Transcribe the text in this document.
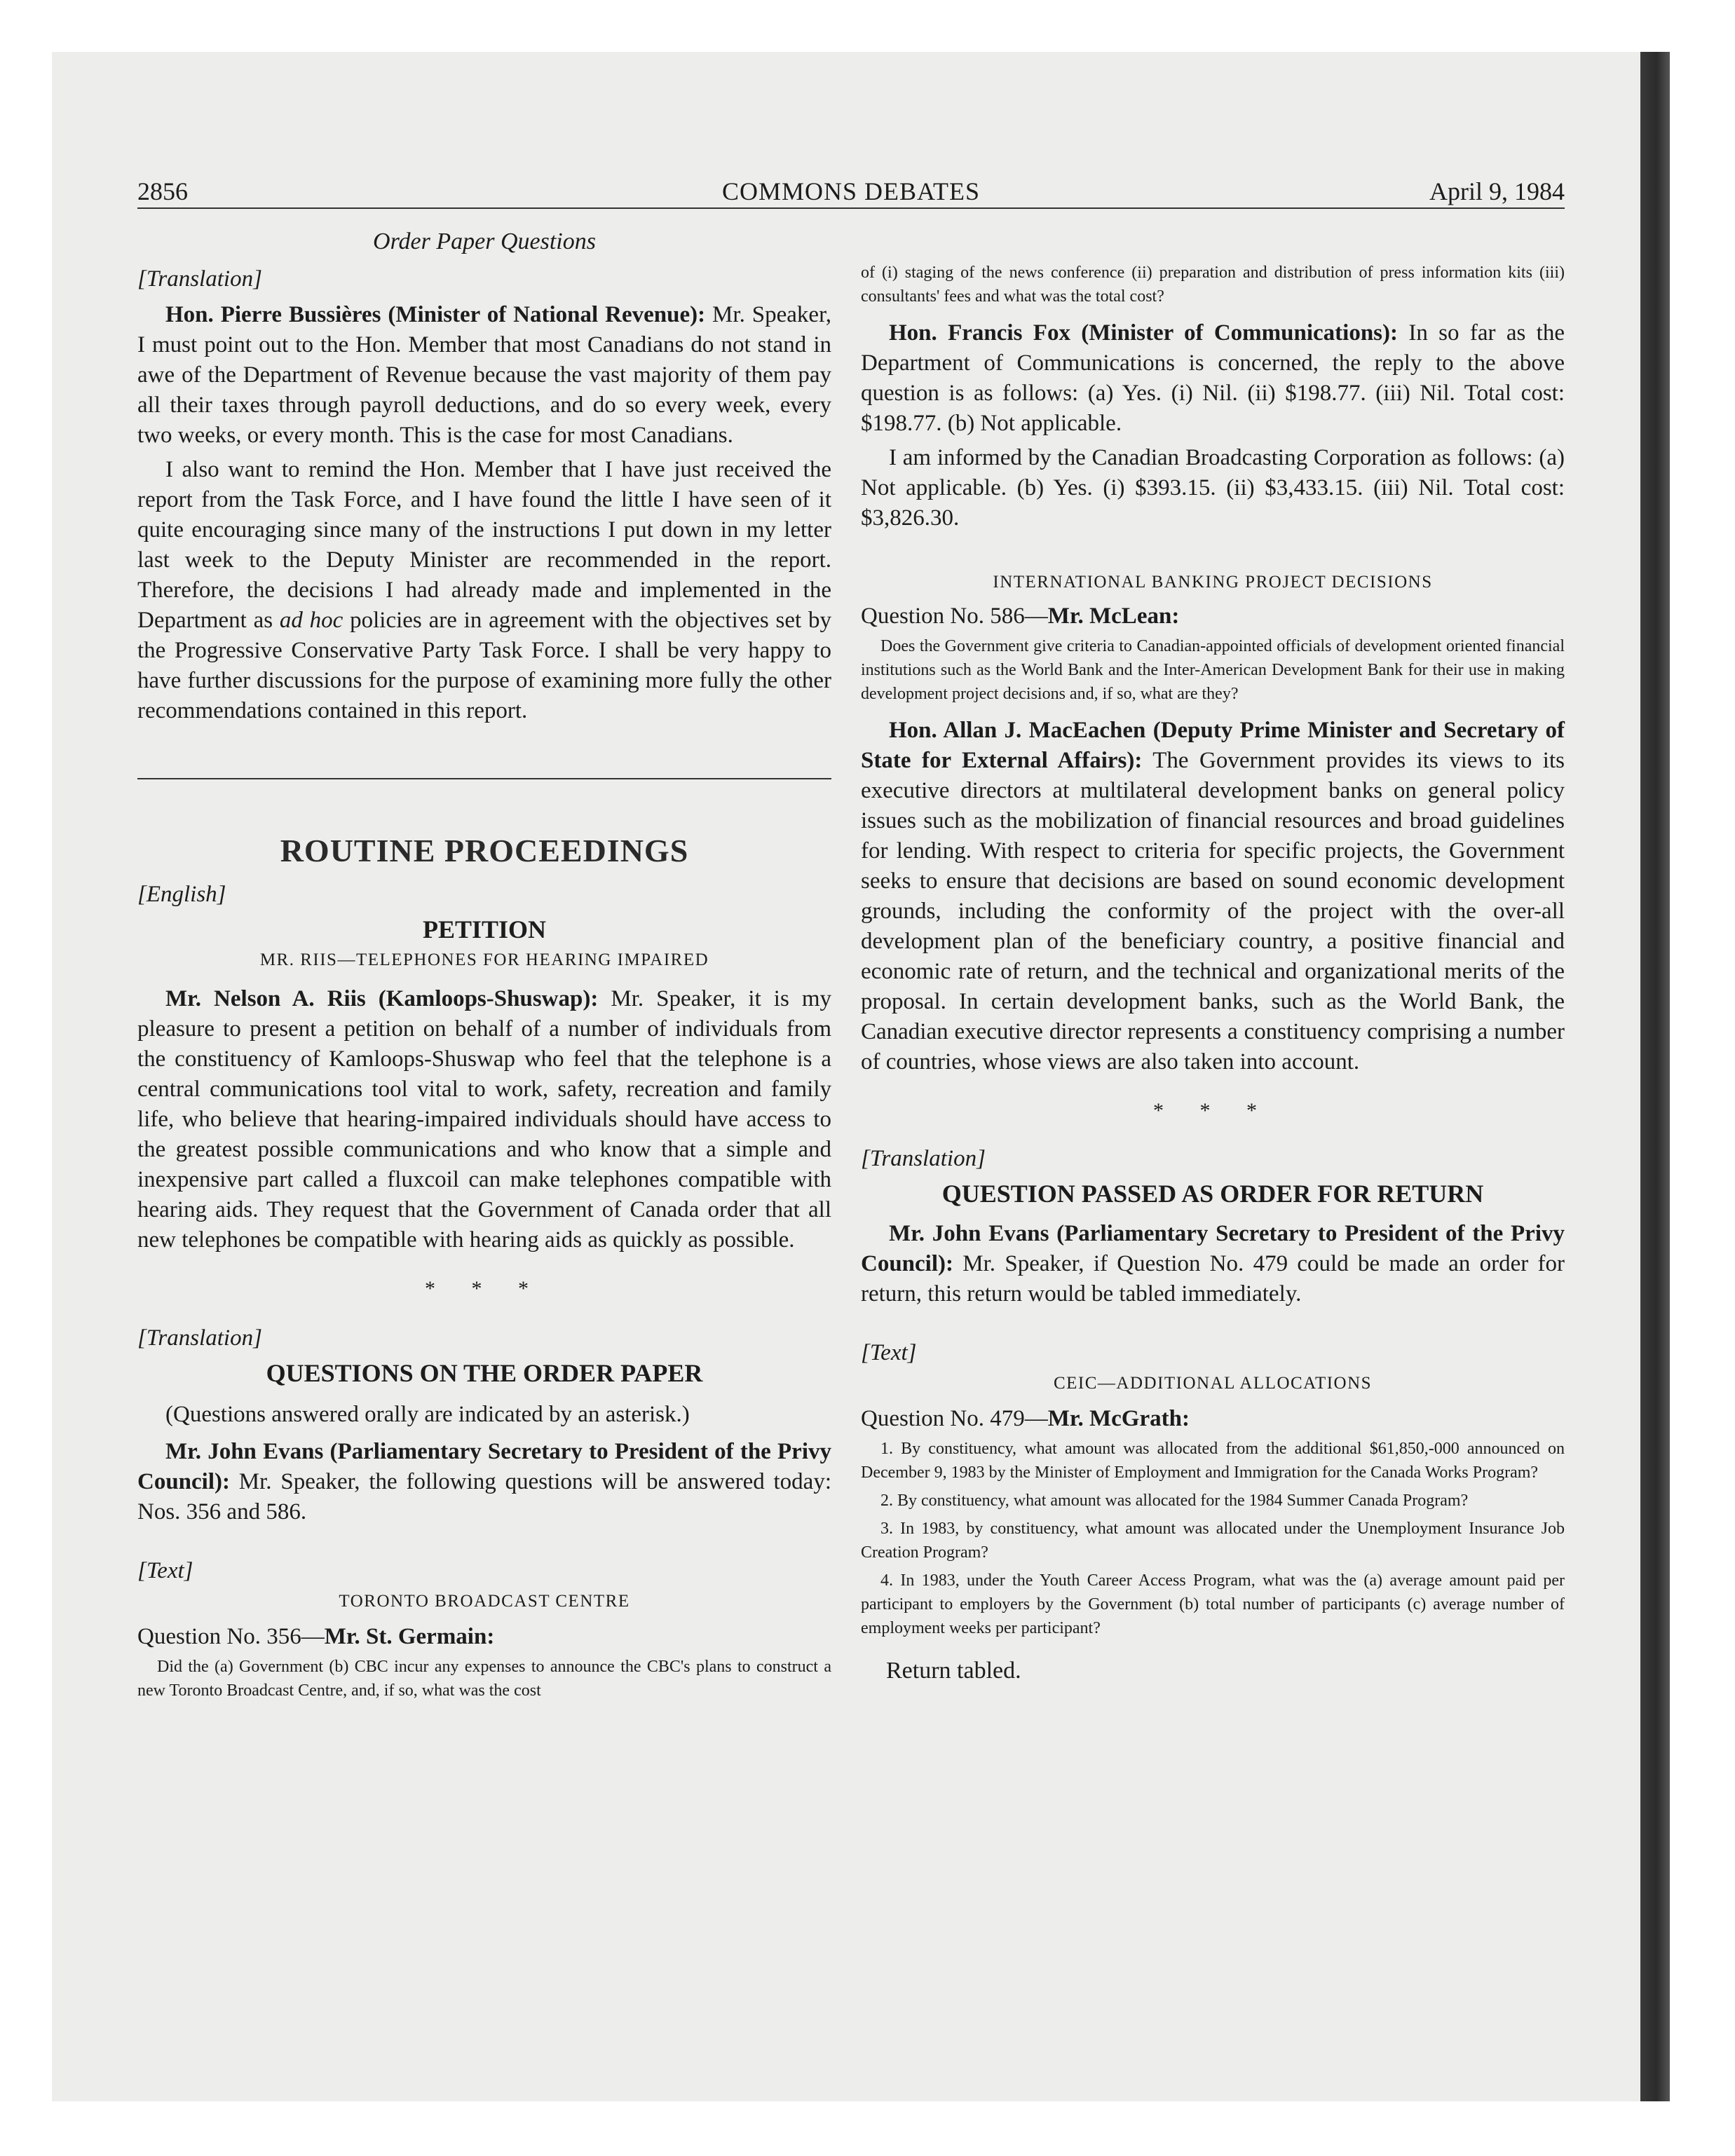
2856	COMMONS DEBATES	April 9, 1984

Order Paper Questions

[Translation]

Hon. Pierre Bussières (Minister of National Revenue): Mr. Speaker, I must point out to the Hon. Member that most Canadians do not stand in awe of the Department of Revenue because the vast majority of them pay all their taxes through payroll deductions, and do so every week, every two weeks, or every month. This is the case for most Canadians.

I also want to remind the Hon. Member that I have just received the report from the Task Force, and I have found the little I have seen of it quite encouraging since many of the instructions I put down in my letter last week to the Deputy Minister are recommended in the report. Therefore, the decisions I had already made and implemented in the Department as ad hoc policies are in agreement with the objectives set by the Progressive Conservative Party Task Force. I shall be very happy to have further discussions for the purpose of examining more fully the other recommendations contained in this report.

ROUTINE PROCEEDINGS

[English]

PETITION

MR. RIIS—TELEPHONES FOR HEARING IMPAIRED

Mr. Nelson A. Riis (Kamloops-Shuswap): Mr. Speaker, it is my pleasure to present a petition on behalf of a number of individuals from the constituency of Kamloops-Shuswap who feel that the telephone is a central communications tool vital to work, safety, recreation and family life, who believe that hearing-impaired individuals should have access to the greatest possible communications and who know that a simple and inexpensive part called a fluxcoil can make telephones compatible with hearing aids. They request that the Government of Canada order that all new telephones be compatible with hearing aids as quickly as possible.

* * *

[Translation]

QUESTIONS ON THE ORDER PAPER

(Questions answered orally are indicated by an asterisk.)

Mr. John Evans (Parliamentary Secretary to President of the Privy Council): Mr. Speaker, the following questions will be answered today: Nos. 356 and 586.

[Text]

TORONTO BROADCAST CENTRE

Question No. 356—Mr. St. Germain:

Did the (a) Government (b) CBC incur any expenses to announce the CBC's plans to construct a new Toronto Broadcast Centre, and, if so, what was the cost

of (i) staging of the news conference (ii) preparation and distribution of press information kits (iii) consultants' fees and what was the total cost?

Hon. Francis Fox (Minister of Communications): In so far as the Department of Communications is concerned, the reply to the above question is as follows: (a) Yes. (i) Nil. (ii) $198.77. (iii) Nil. Total cost: $198.77. (b) Not applicable.

I am informed by the Canadian Broadcasting Corporation as follows: (a) Not applicable. (b) Yes. (i) $393.15. (ii) $3,433.15. (iii) Nil. Total cost: $3,826.30.

INTERNATIONAL BANKING PROJECT DECISIONS

Question No. 586—Mr. McLean:

Does the Government give criteria to Canadian-appointed officials of development oriented financial institutions such as the World Bank and the Inter-American Development Bank for their use in making development project decisions and, if so, what are they?

Hon. Allan J. MacEachen (Deputy Prime Minister and Secretary of State for External Affairs): The Government provides its views to its executive directors at multilateral development banks on general policy issues such as the mobilization of financial resources and broad guidelines for lending. With respect to criteria for specific projects, the Government seeks to ensure that decisions are based on sound economic development grounds, including the conformity of the project with the over-all development plan of the beneficiary country, a positive financial and economic rate of return, and the technical and organizational merits of the proposal. In certain development banks, such as the World Bank, the Canadian executive director represents a constituency comprising a number of countries, whose views are also taken into account.

* * *

[Translation]

QUESTION PASSED AS ORDER FOR RETURN

Mr. John Evans (Parliamentary Secretary to President of the Privy Council): Mr. Speaker, if Question No. 479 could be made an order for return, this return would be tabled immediately.

[Text]

CEIC—ADDITIONAL ALLOCATIONS

Question No. 479—Mr. McGrath:

1. By constituency, what amount was allocated from the additional $61,850,-000 announced on December 9, 1983 by the Minister of Employment and Immigration for the Canada Works Program?

2. By constituency, what amount was allocated for the 1984 Summer Canada Program?

3. In 1983, by constituency, what amount was allocated under the Unemployment Insurance Job Creation Program?

4. In 1983, under the Youth Career Access Program, what was the (a) average amount paid per participant to employers by the Government (b) total number of participants (c) average number of employment weeks per participant?

Return tabled.
